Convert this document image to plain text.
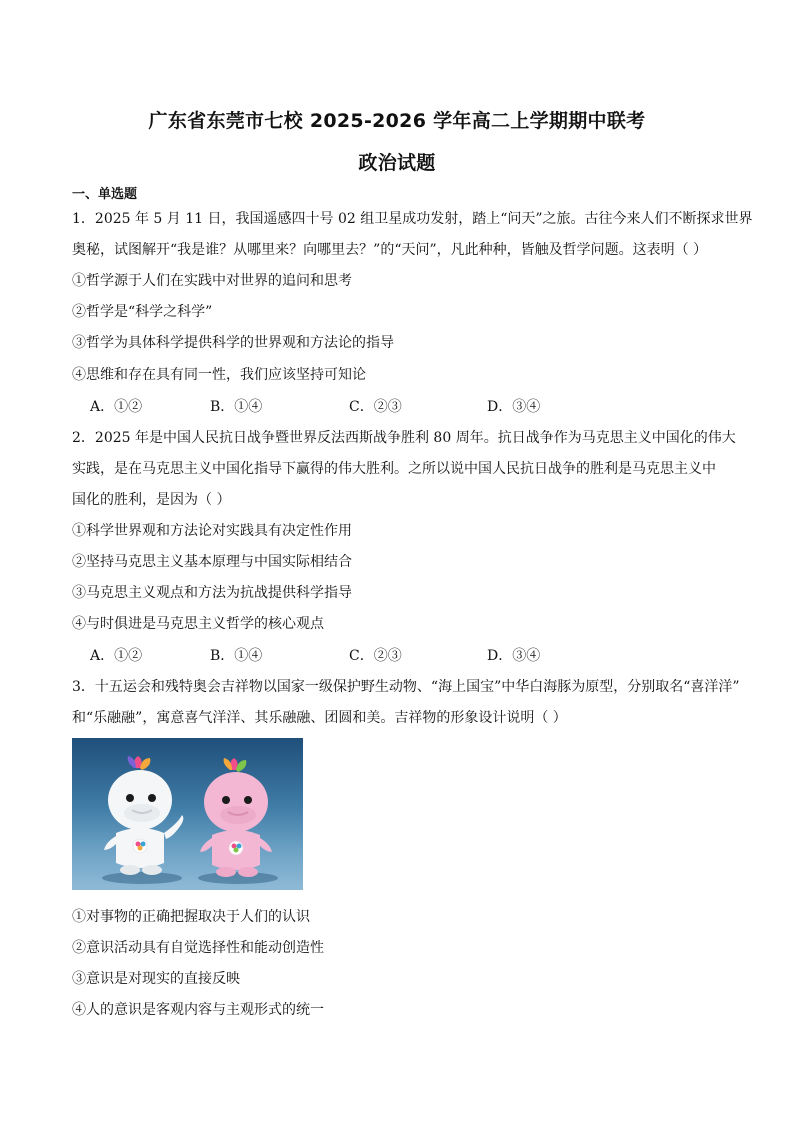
广东省东莞市七校 2025-2026 学年高二上学期期中联考
政治试题
一、单选题
1．2025 年 5 月 11 日，我国遥感四十号 02 组卫星成功发射，踏上“问天”之旅。古往今来人们不断探求世界
奥秘，试图解开“我是谁？从哪里来？向哪里去？”的“天问”，凡此种种，皆触及哲学问题。这表明（ ）
①哲学源于人们在实践中对世界的追问和思考
②哲学是“科学之科学”
③哲学为具体科学提供科学的世界观和方法论的指导
④思维和存在具有同一性，我们应该坚持可知论
A．①②	B．①④	C．②③	D．③④
2．2025 年是中国人民抗日战争暨世界反法西斯战争胜利 80 周年。抗日战争作为马克思主义中国化的伟大
实践，是在马克思主义中国化指导下赢得的伟大胜利。之所以说中国人民抗日战争的胜利是马克思主义中
国化的胜利，是因为（ ）
①科学世界观和方法论对实践具有决定性作用
②坚持马克思主义基本原理与中国实际相结合
③马克思主义观点和方法为抗战提供科学指导
④与时俱进是马克思主义哲学的核心观点
A．①②	B．①④	C．②③	D．③④
3．十五运会和残特奥会吉祥物以国家一级保护野生动物、“海上国宝”中华白海豚为原型，分别取名“喜洋洋”
和“乐融融”，寓意喜气洋洋、其乐融融、团圆和美。吉祥物的形象设计说明（ ）
①对事物的正确把握取决于人们的认识
②意识活动具有自觉选择性和能动创造性
③意识是对现实的直接反映
④人的意识是客观内容与主观形式的统一
